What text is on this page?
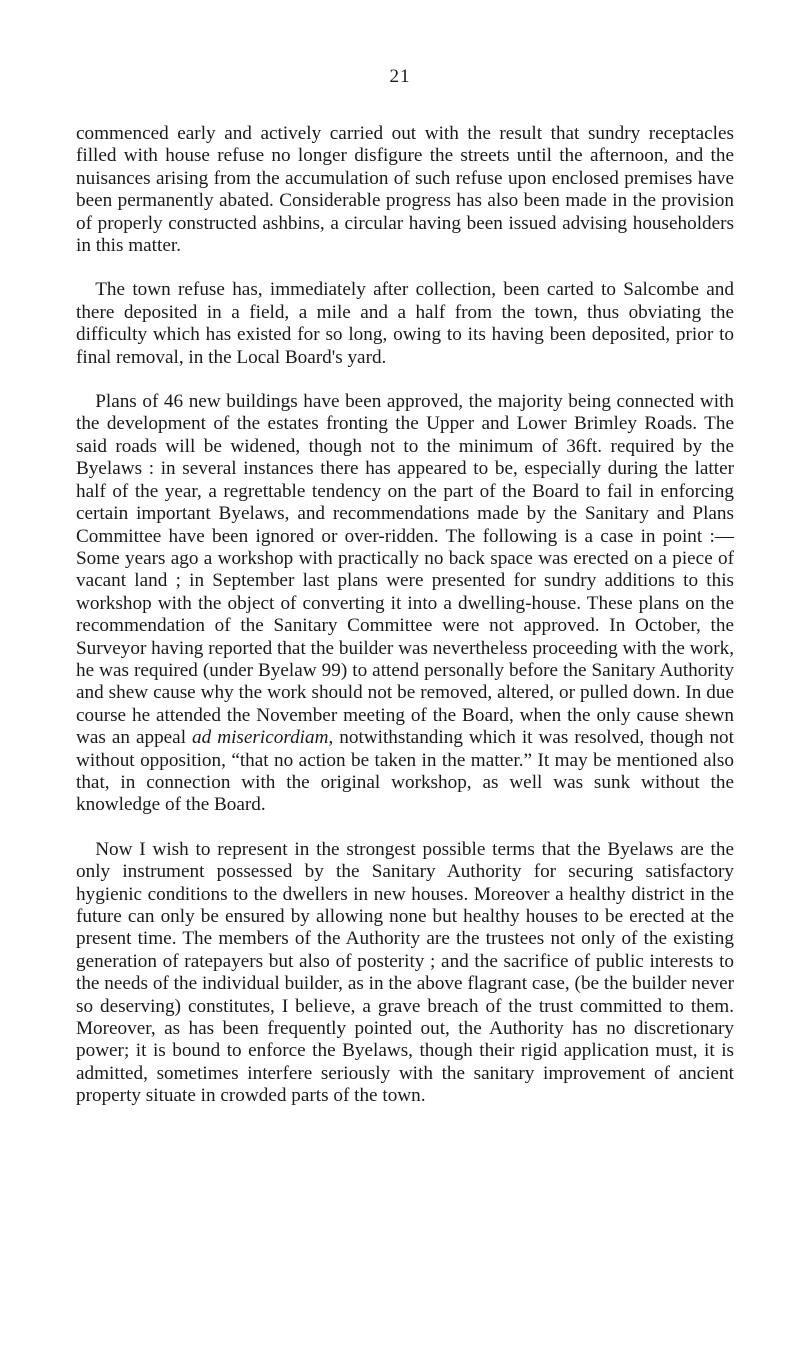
21

commenced early and actively carried out with the result that sundry receptacles filled with house refuse no longer disfigure the streets until the afternoon, and the nuisances arising from the accumulation of such refuse upon enclosed premises have been permanently abated. Considerable progress has also been made in the provision of properly constructed ashbins, a circular having been issued advising householders in this matter.

The town refuse has, immediately after collection, been carted to Salcombe and there deposited in a field, a mile and a half from the town, thus obviating the difficulty which has existed for so long, owing to its having been deposited, prior to final removal, in the Local Board's yard.

Plans of 46 new buildings have been approved, the majority being connected with the development of the estates fronting the Upper and Lower Brimley Roads. The said roads will be widened, though not to the minimum of 36ft. required by the Byelaws : in several instances there has appeared to be, especially during the latter half of the year, a regrettable tendency on the part of the Board to fail in enforcing certain important Byelaws, and recommendations made by the Sanitary and Plans Committee have been ignored or over-ridden. The following is a case in point :—Some years ago a workshop with practically no back space was erected on a piece of vacant land ; in September last plans were presented for sundry additions to this workshop with the object of converting it into a dwelling-house. These plans on the recommendation of the Sanitary Committee were not approved. In October, the Surveyor having reported that the builder was nevertheless proceeding with the work, he was required (under Byelaw 99) to attend personally before the Sanitary Authority and shew cause why the work should not be removed, altered, or pulled down. In due course he attended the November meeting of the Board, when the only cause shewn was an appeal ad misericordiam, notwithstanding which it was resolved, though not without opposition, “that no action be taken in the matter.” It may be mentioned also that, in connection with the original workshop, as well was sunk without the knowledge of the Board.

Now I wish to represent in the strongest possible terms that the Byelaws are the only instrument possessed by the Sanitary Authority for securing satisfactory hygienic conditions to the dwellers in new houses. Moreover a healthy district in the future can only be ensured by allowing none but healthy houses to be erected at the present time. The members of the Authority are the trustees not only of the existing generation of ratepayers but also of posterity ; and the sacrifice of public interests to the needs of the individual builder, as in the above flagrant case, (be the builder never so deserving) constitutes, I believe, a grave breach of the trust committed to them. Moreover, as has been frequently pointed out, the Authority has no discretionary power; it is bound to enforce the Byelaws, though their rigid application must, it is admitted, sometimes interfere seriously with the sanitary improvement of ancient property situate in crowded parts of the town.
